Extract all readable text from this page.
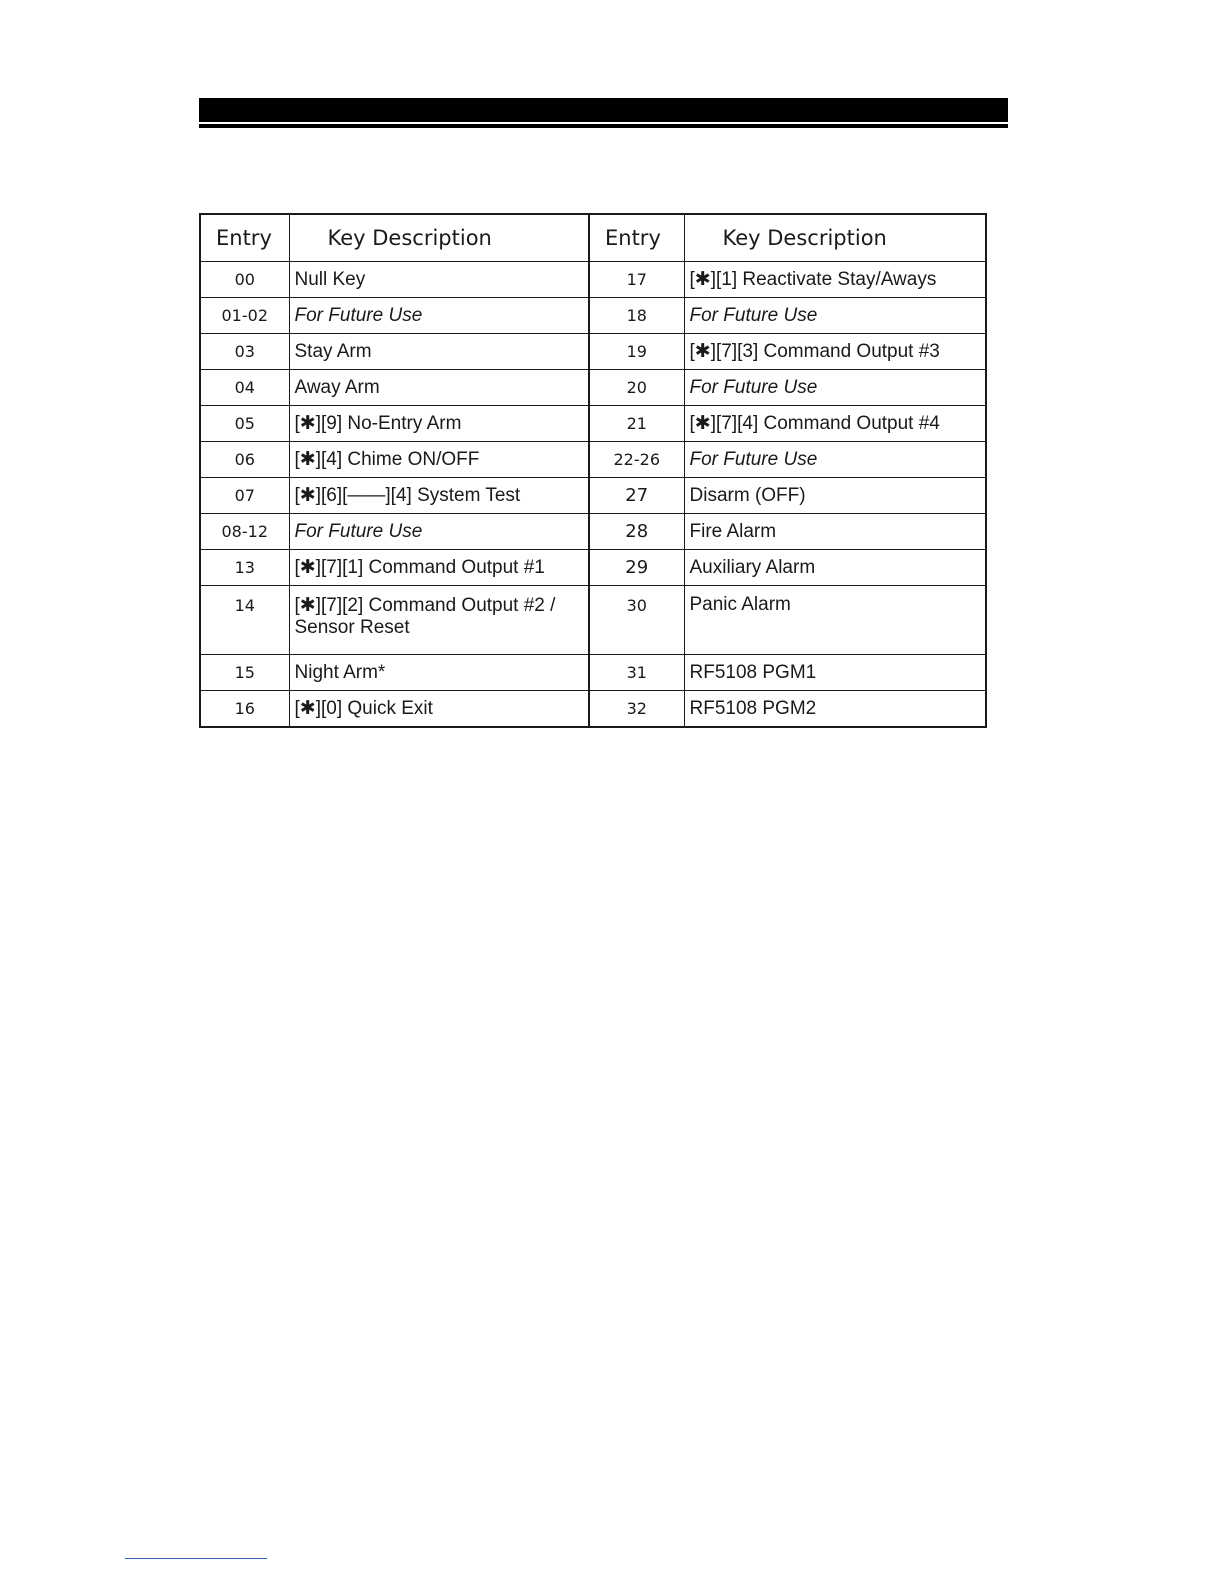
Entry	Key Description	Entry	Key Description
00	Null Key	17	[✱][1] Reactivate Stay/Aways
01-02	For Future Use	18	For Future Use
03	Stay Arm	19	[✱][7][3] Command Output #3
04	Away Arm	20	For Future Use
05	[✱][9] No-Entry Arm	21	[✱][7][4] Command Output #4
06	[✱][4] Chime ON/OFF	22-26	For Future Use
07	[✱][6][——][4] System Test	27	Disarm (OFF)
08-12	For Future Use	28	Fire Alarm
13	[✱][7][1] Command Output #1	29	Auxiliary Alarm
14	[✱][7][2] Command Output #2 / Sensor Reset	30	Panic Alarm
15	Night Arm*	31	RF5108 PGM1
16	[✱][0] Quick Exit	32	RF5108 PGM2
